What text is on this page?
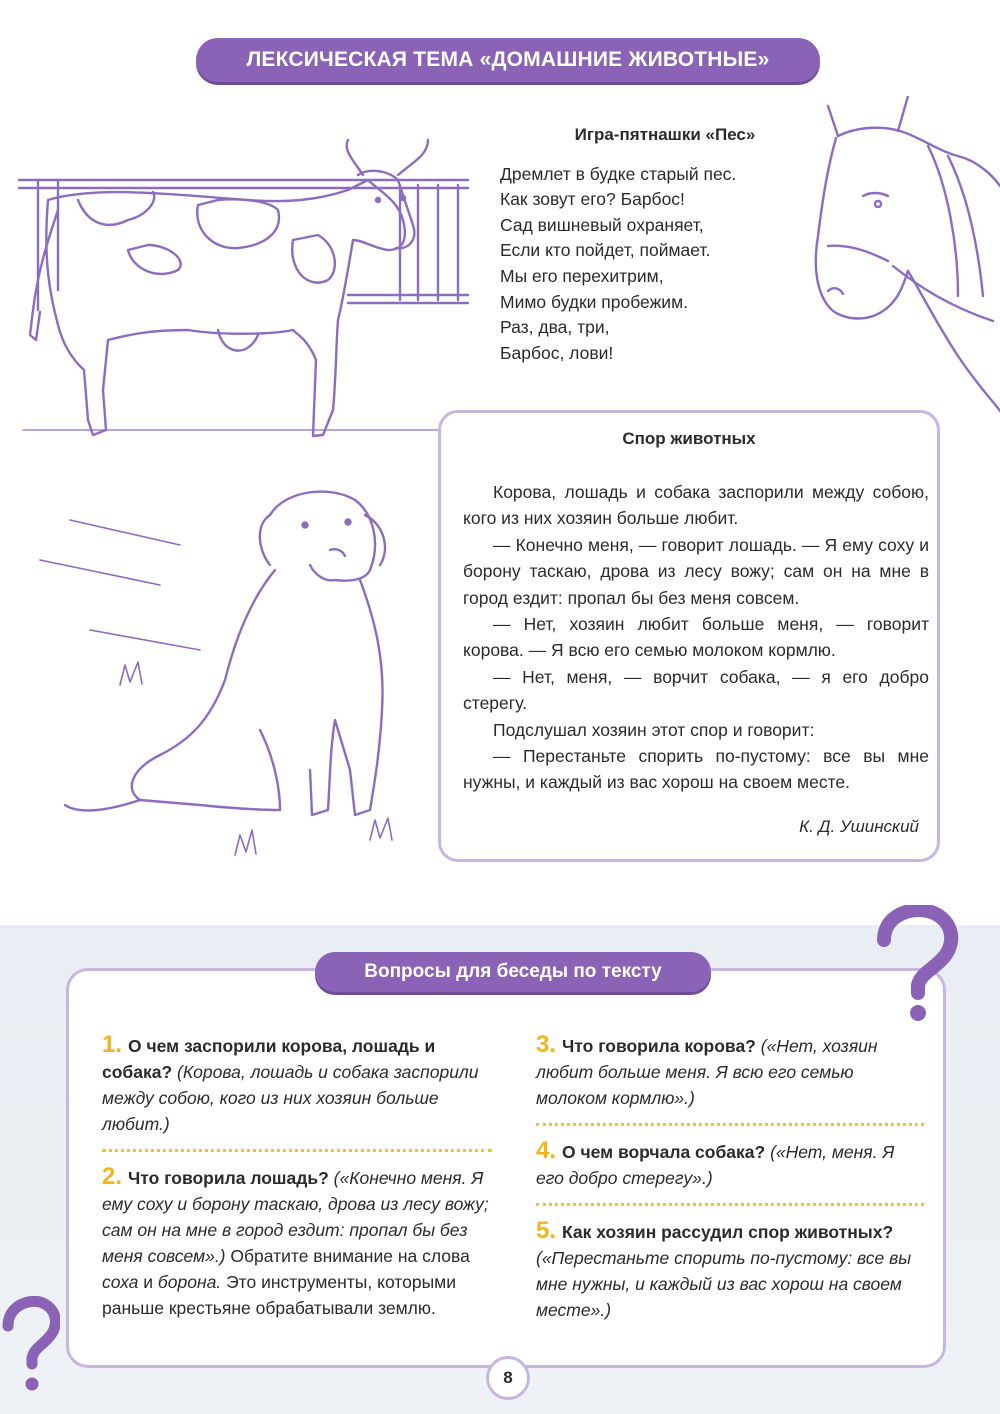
ЛЕКСИЧЕСКАЯ ТЕМА «ДОМАШНИЕ ЖИВОТНЫЕ»
Игра-пятнашки «Пес»
Дремлет в будке старый пес.
Как зовут его? Барбос!
Сад вишневый охраняет,
Если кто пойдет, поймает.
Мы его перехитрим,
Мимо будки пробежим.
Раз, два, три,
Барбос, лови!
Спор животных

Корова, лошадь и собака заспорили между собою, кого из них хозяин больше любит.

— Конечно меня, — говорит лошадь. — Я ему соху и борону таскаю, дрова из лесу вожу; сам он на мне в город ездит: пропал бы без меня совсем.

— Нет, хозяин любит больше меня, — говорит корова. — Я всю его семью молоком кормлю.

— Нет, меня, — ворчит собака, — я его добро стерегу.

Подслушал хозяин этот спор и говорит:

— Перестаньте спорить по-пустому: все вы мне нужны, и каждый из вас хорош на своем месте.

К. Д. Ушинский
Вопросы для беседы по тексту

1. О чем заспорили корова, лошадь и собака? (Корова, лошадь и собака заспорили между собою, кого из них хозяин больше любит.)

2. Что говорила лошадь? («Конечно меня. Я ему соху и борону таскаю, дрова из лесу вожу; сам он на мне в город ездит: пропал бы без меня совсем».) Обратите внимание на слова соха и борона. Это инструменты, которыми раньше крестьяне обрабатывали землю.

3. Что говорила корова? («Нет, хозяин любит больше меня. Я всю его семью молоком кормлю».)

4. О чем ворчала собака? («Нет, меня. Я его добро стерегу».)

5. Как хозяин рассудил спор животных? («Перестаньте спорить по-пустому: все вы мне нужны, и каждый из вас хорош на своем месте».)

8
